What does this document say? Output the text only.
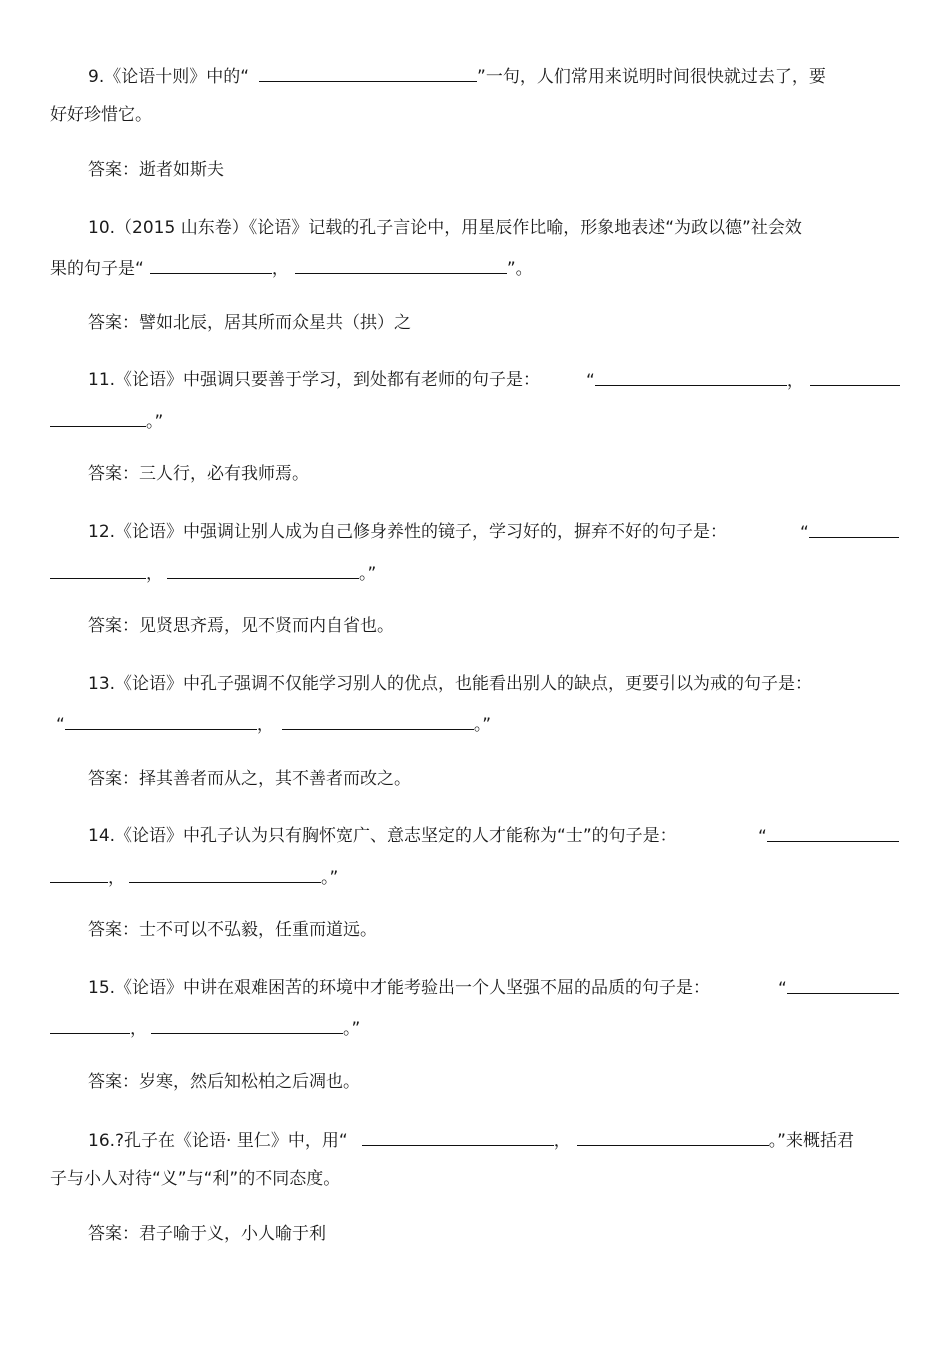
9.《论语十则》中的“	”一句，人们常用来说明时间很快就过去了，要
好好珍惜它。
答案：逝者如斯夫
10.（2015 山东卷）《论语》记载的孔子言论中，用星辰作比喻，形象地表述“为政以德”社会效
果的句子是“	，	”。
答案：譬如北辰，居其所而众星共（拱）之
11.《论语》中强调只要善于学习，到处都有老师的句子是：	“	，
。”
答案：三人行，必有我师焉。
12.《论语》中强调让别人成为自己修身养性的镜子，学习好的，摒弃不好的句子是：	“
，	。”
答案：见贤思齐焉，见不贤而内自省也。
13.《论语》中孔子强调不仅能学习别人的优点，也能看出别人的缺点，更要引以为戒的句子是：
“	，	。”
答案：择其善者而从之，其不善者而改之。
14.《论语》中孔子认为只有胸怀宽广、意志坚定的人才能称为“士”的句子是：	“
，	。”
答案：士不可以不弘毅，任重而道远。
15.《论语》中讲在艰难困苦的环境中才能考验出一个人坚强不屈的品质的句子是：	“
，	。”
答案：岁寒，然后知松柏之后凋也。
16.?孔子在《论语· 里仁》中，用“	，	。”来概括君
子与小人对待“义”与“利”的不同态度。
答案：君子喻于义，小人喻于利
